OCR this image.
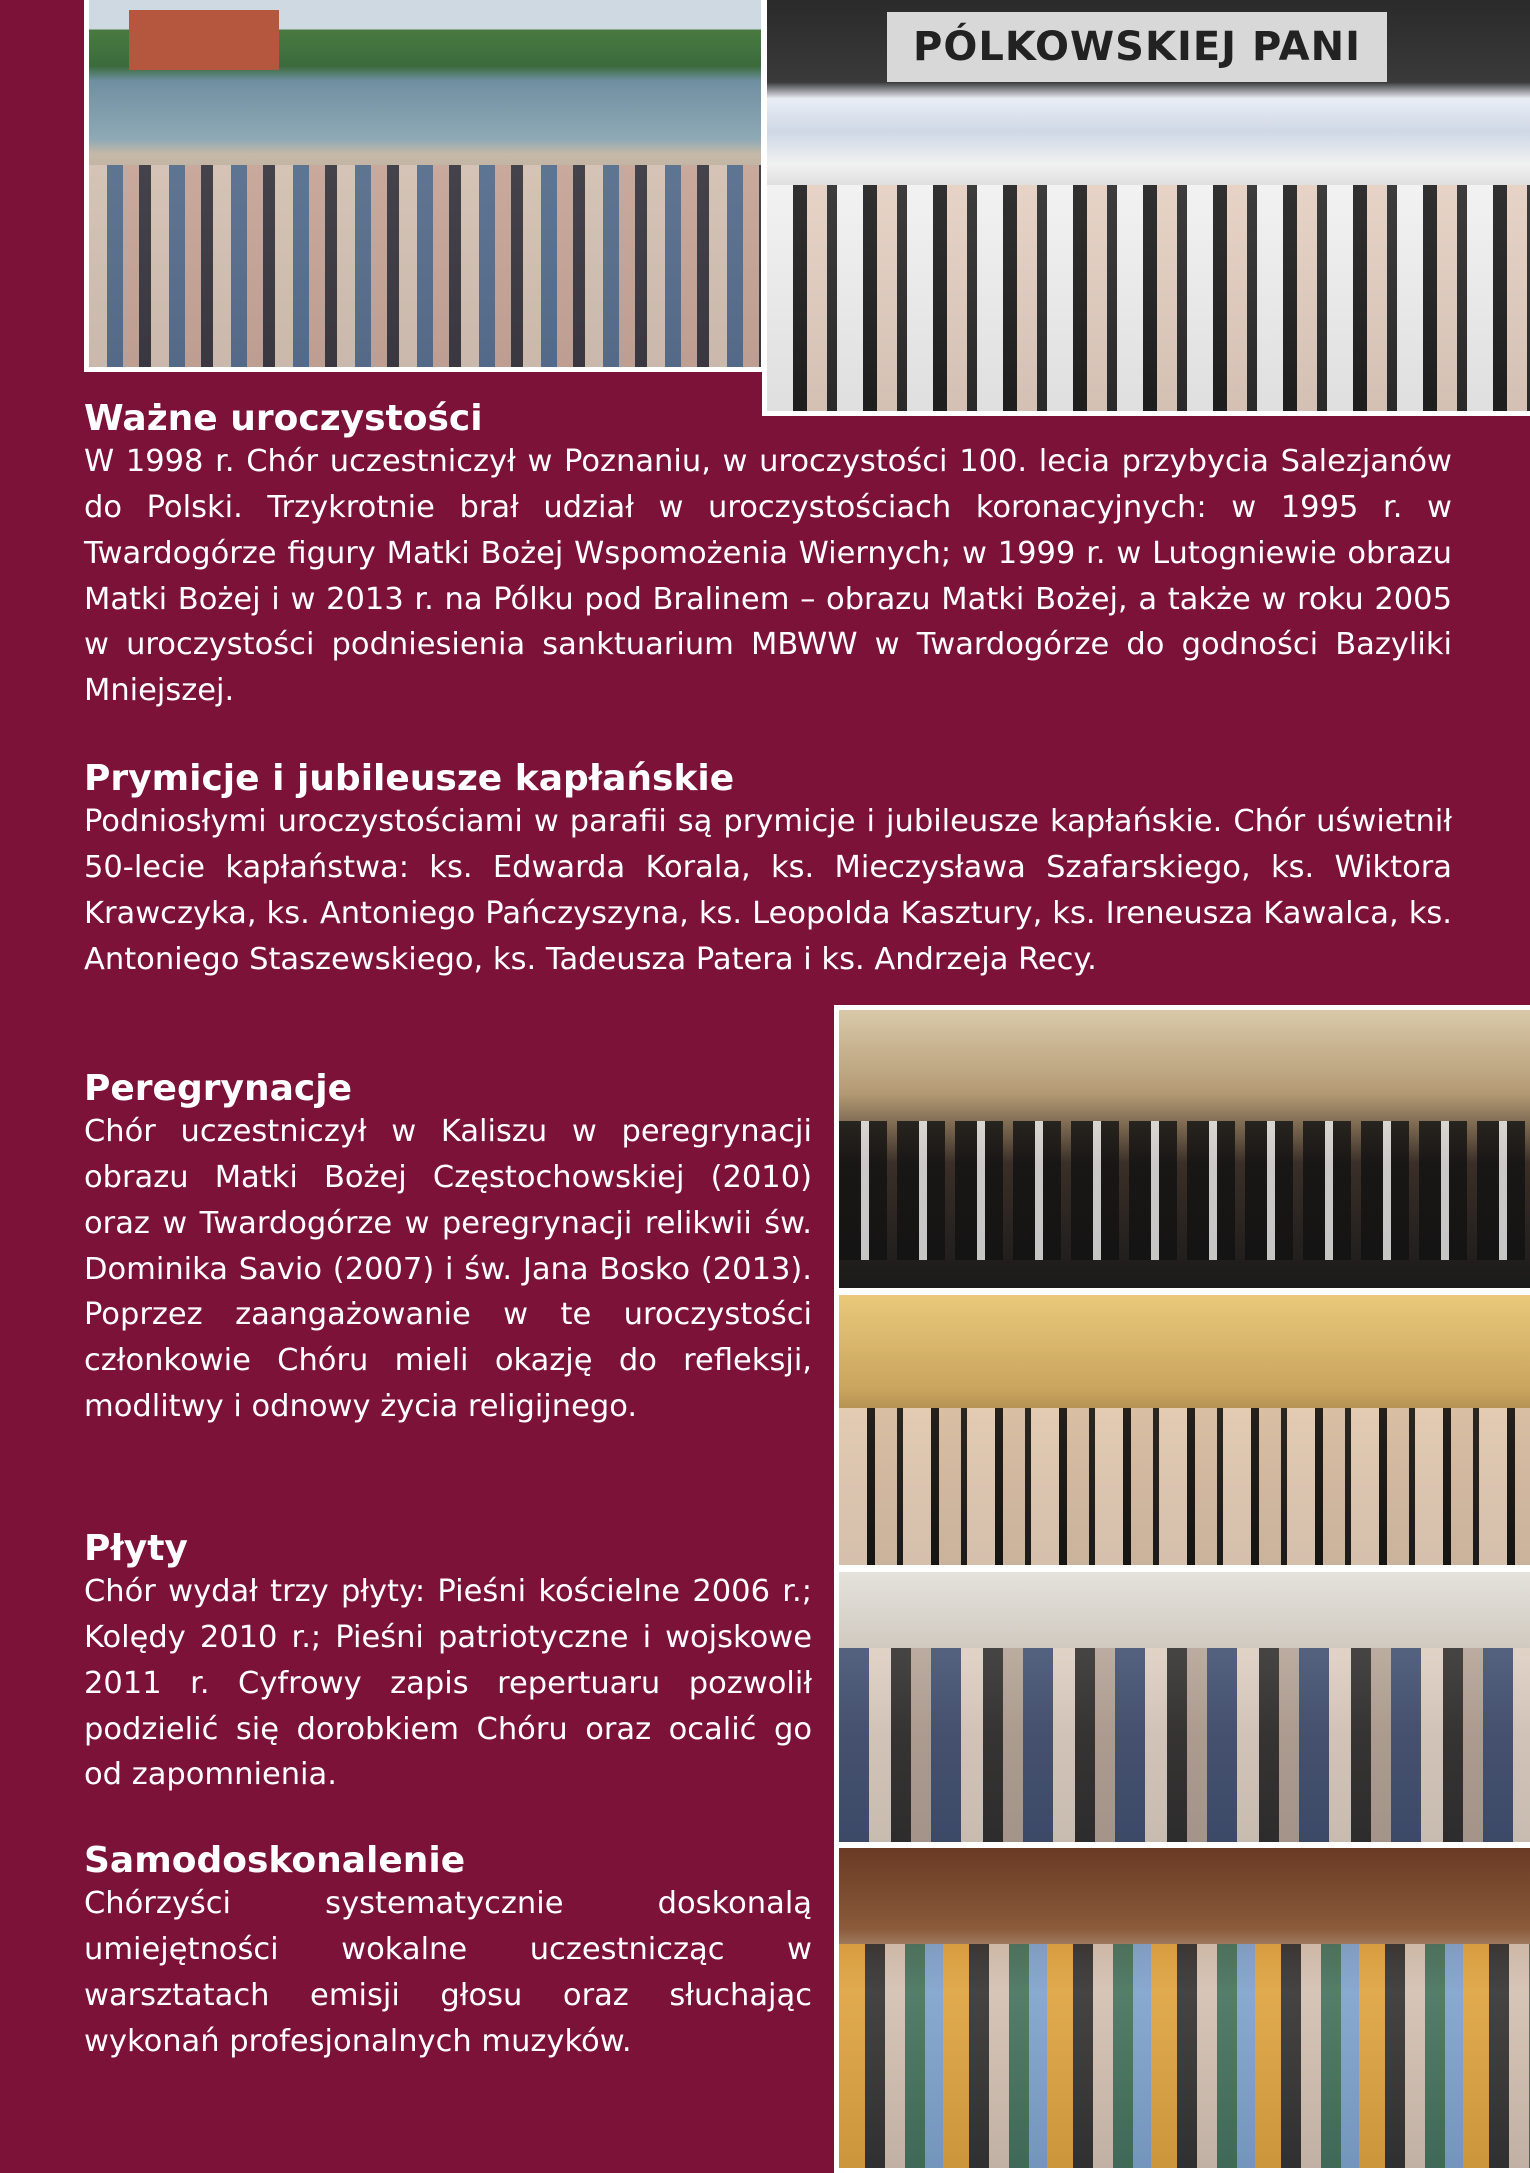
PÓLKOWSKIEJ PANI
Ważne uroczystości

W 1998 r. Chór uczestniczył w Poznaniu, w uroczystości 100. lecia przybycia Salezjanów do Polski. Trzykrotnie brał udział w uroczystościach koronacyjnych: w 1995 r. w Twardogórze figury Matki Bożej Wspomożenia Wiernych; w 1999 r. w Lutogniewie obrazu Matki Bożej i w 2013 r. na Pólku pod Bralinem – obrazu Matki Bożej, a także w roku 2005 w uroczystości podniesienia sanktuarium MBWW w Twardogórze do godności Bazyliki Mniejszej.

Prymicje i jubileusze kapłańskie

Podniosłymi uroczystościami w parafii są prymicje i jubileusze kapłańskie. Chór uświetnił 50-lecie kapłaństwa: ks. Edwarda Korala, ks. Mieczysława Szafarskiego, ks. Wiktora Krawczyka, ks. Antoniego Pańczyszyna, ks. Leopolda Kasztury, ks. Ireneusza Kawalca, ks. Antoniego Staszewskiego, ks. Tadeusza Patera i ks. Andrzeja Recy.

Peregrynacje

Chór uczestniczył w Kaliszu w peregrynacji obrazu Matki Bożej Częstochowskiej (2010) oraz w Twardogórze w peregrynacji relikwii św. Dominika Savio (2007) i św. Jana Bosko (2013). Poprzez zaangażowanie w te uroczystości członkowie Chóru mieli okazję do refleksji, modlitwy i odnowy życia religijnego.

Płyty

Chór wydał trzy płyty: Pieśni kościelne 2006 r.; Kolędy 2010 r.; Pieśni patriotyczne i wojskowe 2011 r. Cyfrowy zapis repertuaru pozwolił podzielić się dorobkiem Chóru oraz ocalić go od zapomnienia.

Samodoskonalenie

Chórzyści systematycznie doskonalą umiejętności wokalne uczestnicząc w warsztatach emisji głosu oraz słuchając wykonań profesjonalnych muzyków.
